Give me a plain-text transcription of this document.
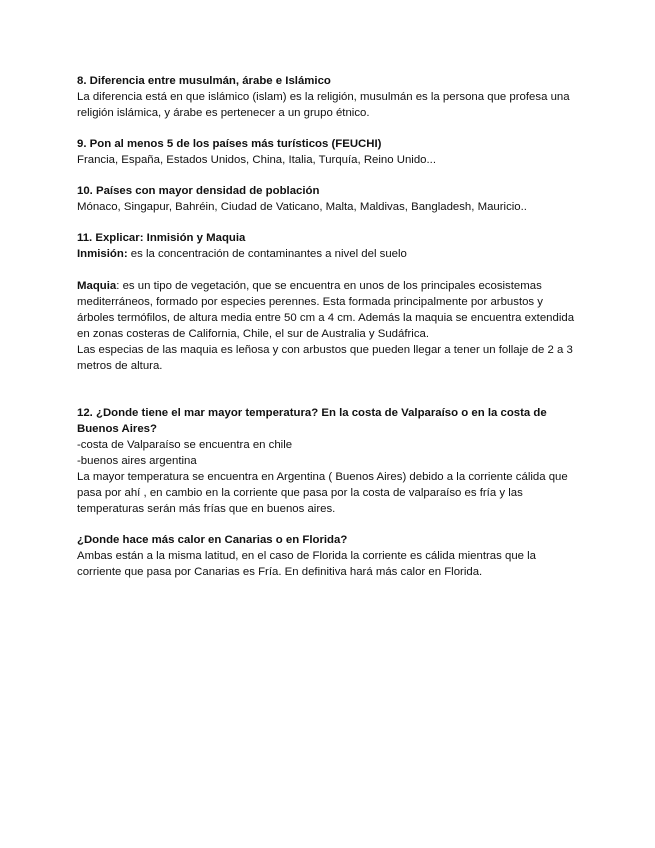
8. Diferencia entre musulmán, árabe e Islámico

La diferencia está en que islámico (islam) es la religión, musulmán es la persona que profesa una religión islámica, y árabe es pertenecer a un grupo étnico.

9. Pon al menos 5 de los países más turísticos (FEUCHI)

Francia, España, Estados Unidos, China, Italia, Turquía, Reino Unido...

10. Países con mayor densidad de población

Mónaco, Singapur, Bahréin, Ciudad de Vaticano, Malta, Maldivas, Bangladesh, Mauricio..

11. Explicar: Inmisión y Maquia

Inmisión: es la concentración de contaminantes a nivel del suelo

Maquia: es un tipo de vegetación, que se encuentra en unos de los principales ecosistemas mediterráneos, formado por especies perennes. Esta formada principalmente por arbustos y árboles termófilos, de altura media entre 50 cm a 4 cm. Además la maquia se encuentra extendida en zonas costeras de California, Chile, el sur de Australia y Sudáfrica.

Las especias de las maquia es leñosa y con arbustos que pueden llegar a tener un follaje de 2 a 3 metros de altura.

12. ¿Donde tiene el mar mayor temperatura? En la costa de Valparaíso o en la costa de Buenos Aires?

-costa de Valparaíso se encuentra en chile

-buenos aires argentina

La mayor temperatura se encuentra en Argentina ( Buenos Aires) debido a la corriente cálida que pasa por ahí , en cambio en la corriente que pasa por la costa de valparaíso es fría y las temperaturas serán más frías que en buenos aires.

¿Donde hace más calor en Canarias o en Florida?

Ambas están a la misma latitud, en el caso de Florida la corriente es cálida mientras que la corriente que pasa por Canarias es Fría. En definitiva hará más calor en Florida.
